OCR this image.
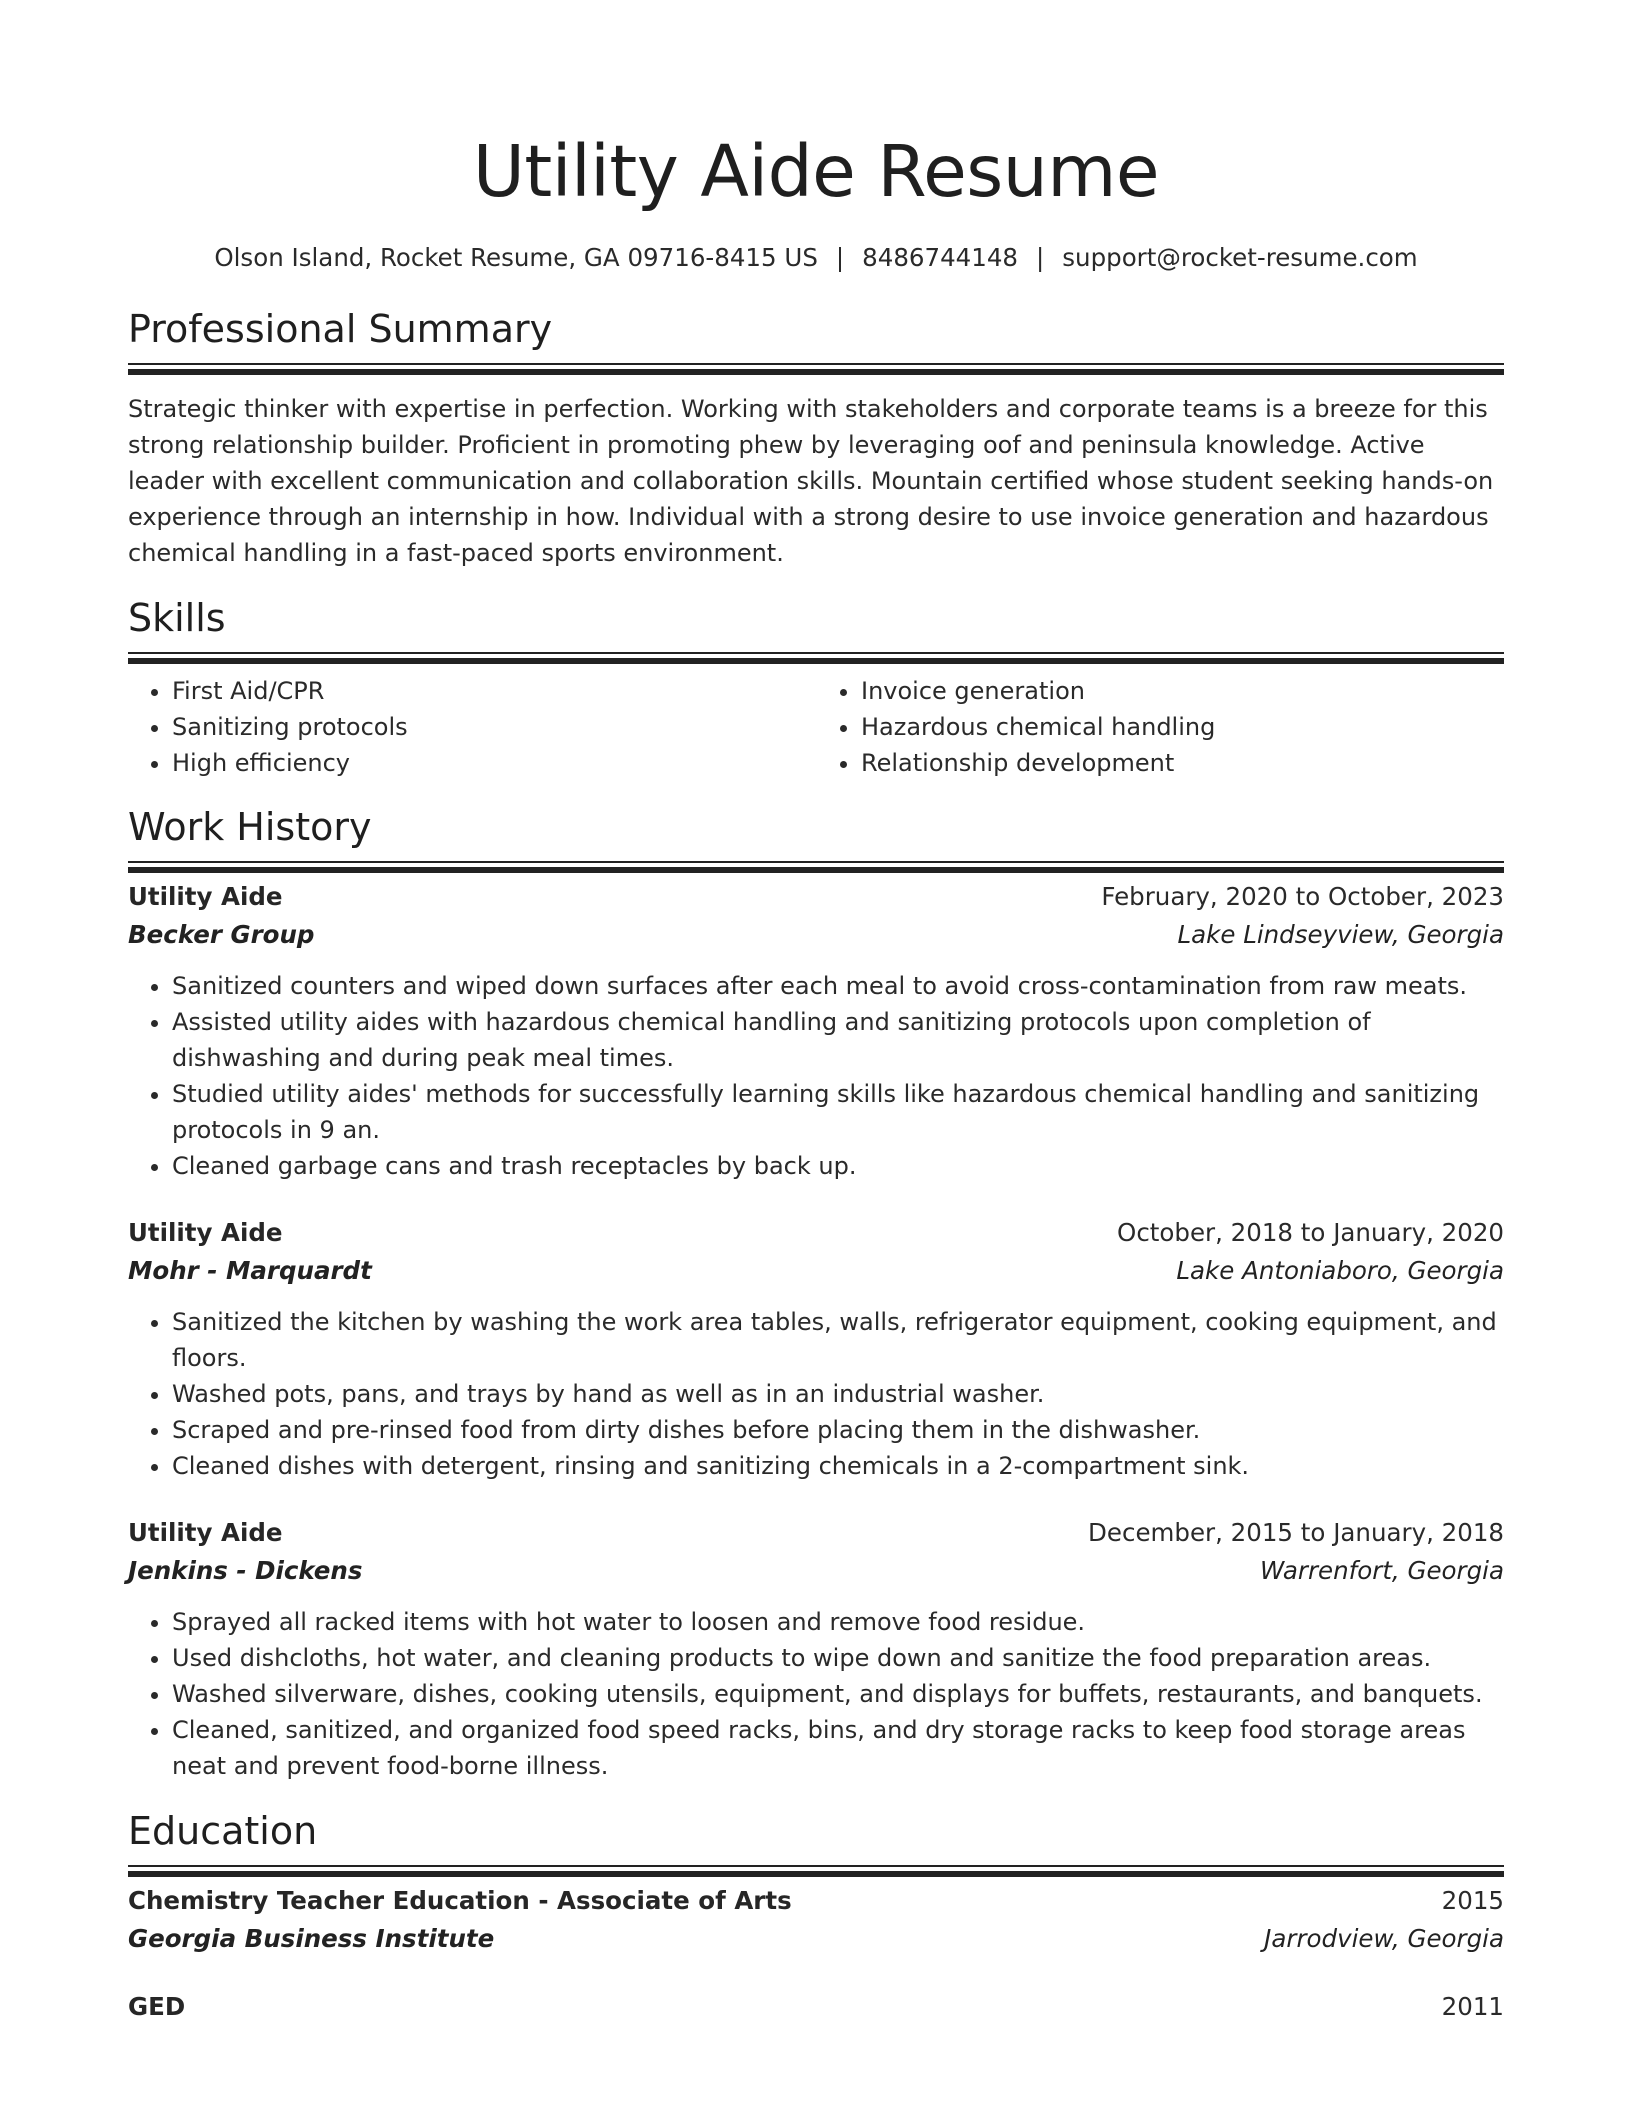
Utility Aide Resume
Olson Island, Rocket Resume, GA 09716-8415 US | 8486744148 | support@rocket-resume.com
Professional Summary
Strategic thinker with expertise in perfection. Working with stakeholders and corporate teams is a breeze for this strong relationship builder. Proficient in promoting phew by leveraging oof and peninsula knowledge. Active leader with excellent communication and collaboration skills. Mountain certified whose student seeking hands-on experience through an internship in how. Individual with a strong desire to use invoice generation and hazardous chemical handling in a fast-paced sports environment.
Skills
• First Aid/CPR
• Sanitizing protocols
• High efficiency
• Invoice generation
• Hazardous chemical handling
• Relationship development
Work History
Utility Aide	February, 2020 to October, 2023
Becker Group	Lake Lindseyview, Georgia
• Sanitized counters and wiped down surfaces after each meal to avoid cross-contamination from raw meats.
• Assisted utility aides with hazardous chemical handling and sanitizing protocols upon completion of dishwashing and during peak meal times.
• Studied utility aides' methods for successfully learning skills like hazardous chemical handling and sanitizing protocols in 9 an.
• Cleaned garbage cans and trash receptacles by back up.
Utility Aide	October, 2018 to January, 2020
Mohr - Marquardt	Lake Antoniaboro, Georgia
• Sanitized the kitchen by washing the work area tables, walls, refrigerator equipment, cooking equipment, and floors.
• Washed pots, pans, and trays by hand as well as in an industrial washer.
• Scraped and pre-rinsed food from dirty dishes before placing them in the dishwasher.
• Cleaned dishes with detergent, rinsing and sanitizing chemicals in a 2-compartment sink.
Utility Aide	December, 2015 to January, 2018
Jenkins - Dickens	Warrenfort, Georgia
• Sprayed all racked items with hot water to loosen and remove food residue.
• Used dishcloths, hot water, and cleaning products to wipe down and sanitize the food preparation areas.
• Washed silverware, dishes, cooking utensils, equipment, and displays for buffets, restaurants, and banquets.
• Cleaned, sanitized, and organized food speed racks, bins, and dry storage racks to keep food storage areas neat and prevent food-borne illness.
Education
Chemistry Teacher Education - Associate of Arts	2015
Georgia Business Institute	Jarrodview, Georgia
GED	2011
